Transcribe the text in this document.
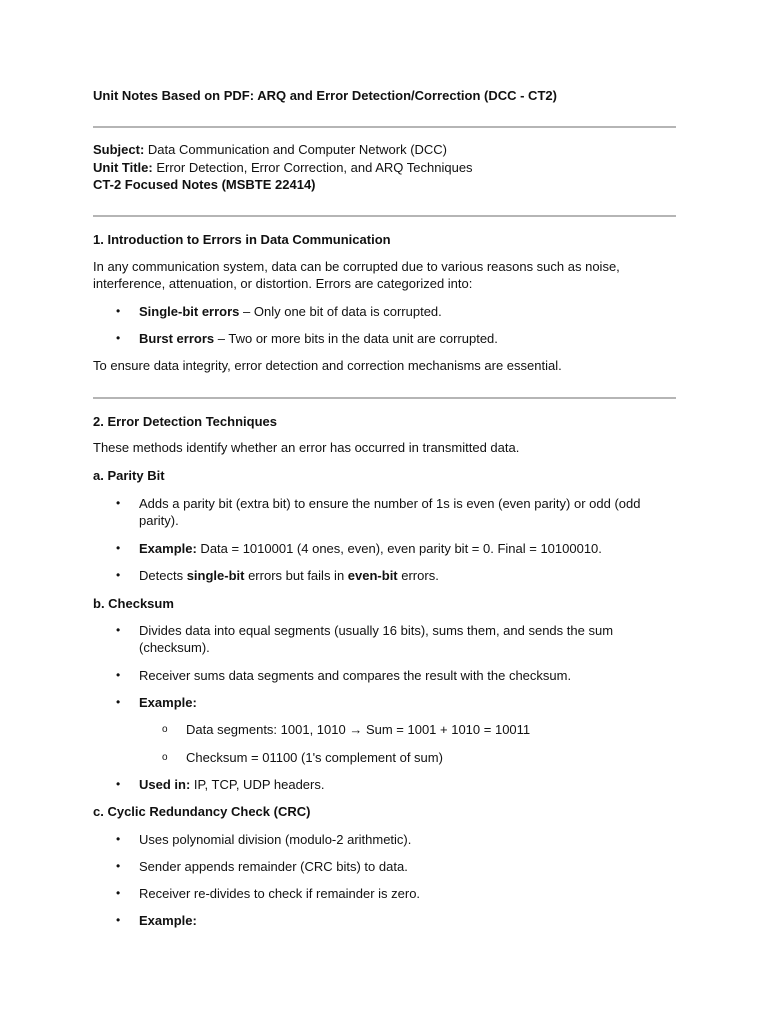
Unit Notes Based on PDF: ARQ and Error Detection/Correction (DCC - CT2)
Subject: Data Communication and Computer Network (DCC)
Unit Title: Error Detection, Error Correction, and ARQ Techniques
CT-2 Focused Notes (MSBTE 22414)
1. Introduction to Errors in Data Communication
In any communication system, data can be corrupted due to various reasons such as noise, interference, attenuation, or distortion. Errors are categorized into:
•	Single-bit errors – Only one bit of data is corrupted.
•	Burst errors – Two or more bits in the data unit are corrupted.
To ensure data integrity, error detection and correction mechanisms are essential.
2. Error Detection Techniques
These methods identify whether an error has occurred in transmitted data.
a. Parity Bit
•	Adds a parity bit (extra bit) to ensure the number of 1s is even (even parity) or odd (odd parity).
•	Example: Data = 1010001 (4 ones, even), even parity bit = 0. Final = 10100010.
•	Detects single-bit errors but fails in even-bit errors.
b. Checksum
•	Divides data into equal segments (usually 16 bits), sums them, and sends the sum (checksum).
•	Receiver sums data segments and compares the result with the checksum.
•	Example:
o	Data segments: 1001, 1010 → Sum = 1001 + 1010 = 10011
o	Checksum = 01100 (1's complement of sum)
•	Used in: IP, TCP, UDP headers.
c. Cyclic Redundancy Check (CRC)
•	Uses polynomial division (modulo-2 arithmetic).
•	Sender appends remainder (CRC bits) to data.
•	Receiver re-divides to check if remainder is zero.
•	Example:
